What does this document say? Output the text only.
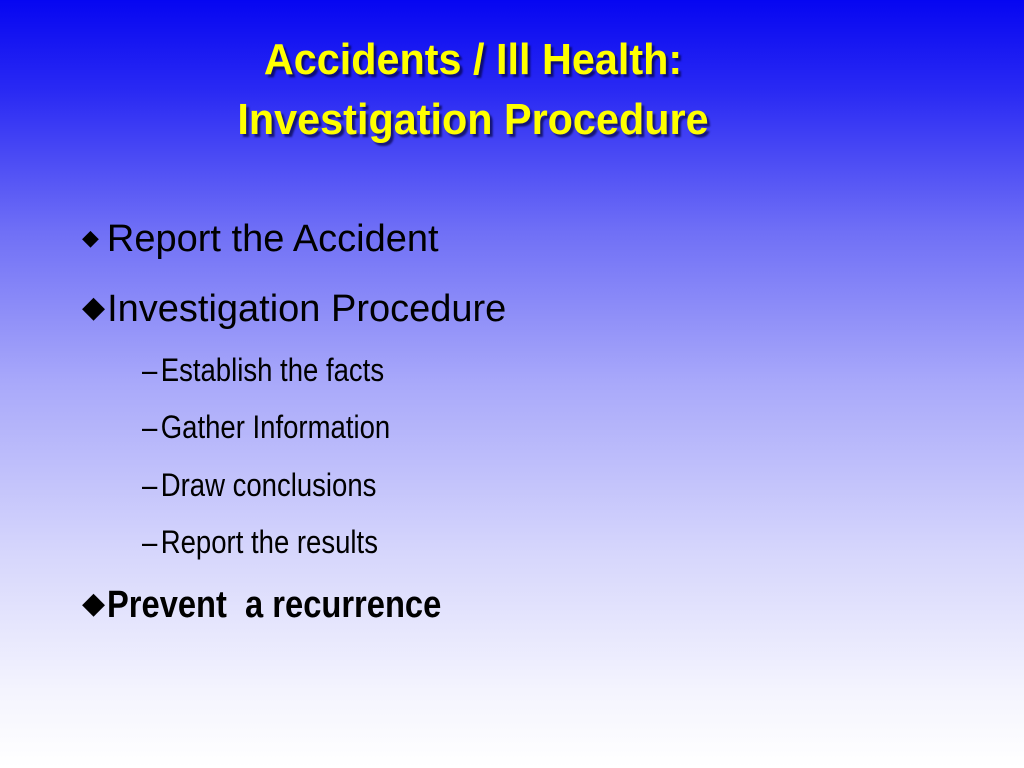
Accidents / Ill Health:
Investigation Procedure
◆ Report the Accident
◆Investigation Procedure
– Establish the facts
– Gather Information
– Draw conclusions
– Report the results
◆Prevent  a recurrence
